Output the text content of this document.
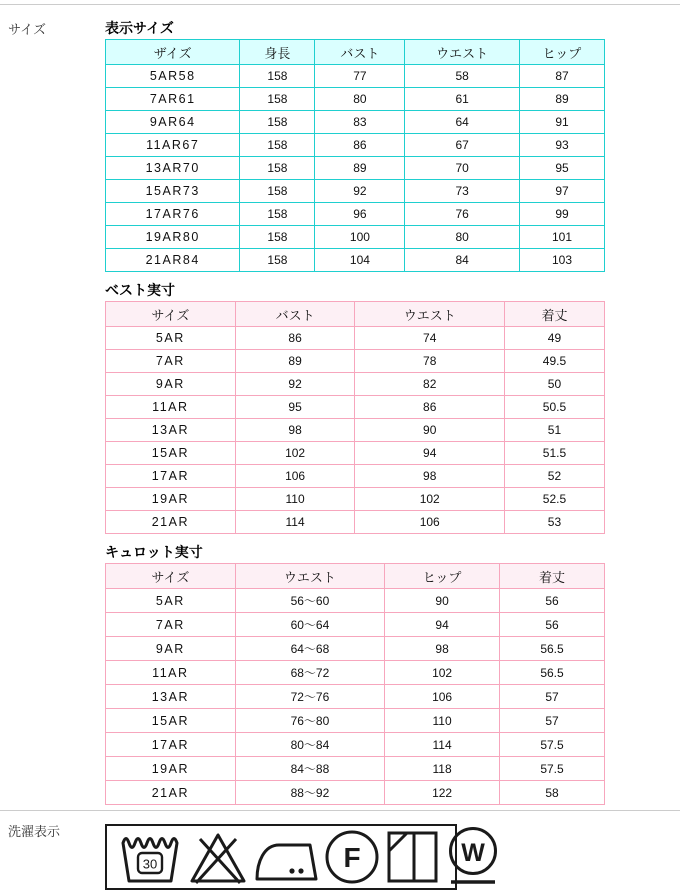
サイズ	表示サイズ
ザイズ	身長	バスト	ウエスト	ヒップ
5AR58	158	77	58	87
7AR61	158	80	61	89
9AR64	158	83	64	91
11AR67	158	86	67	93
13AR70	158	89	70	95
15AR73	158	92	73	97
17AR76	158	96	76	99
19AR80	158	100	80	101
21AR84	158	104	84	103
ベスト実寸
サイズ	バスト	ウエスト	着丈
5AR	86	74	49
7AR	89	78	49.5
9AR	92	82	50
11AR	95	86	50.5
13AR	98	90	51
15AR	102	94	51.5
17AR	106	98	52
19AR	110	102	52.5
21AR	114	106	53
キュロット実寸
サイズ	ウエスト	ヒップ	着丈
5AR	56〜60	90	56
7AR	60〜64	94	56
9AR	64〜68	98	56.5
11AR	68〜72	102	56.5
13AR	72〜76	106	57
15AR	76〜80	110	57
17AR	80〜84	114	57.5
19AR	84〜88	118	57.5
21AR	88〜92	122	58
洗濯表示
30	F	W
